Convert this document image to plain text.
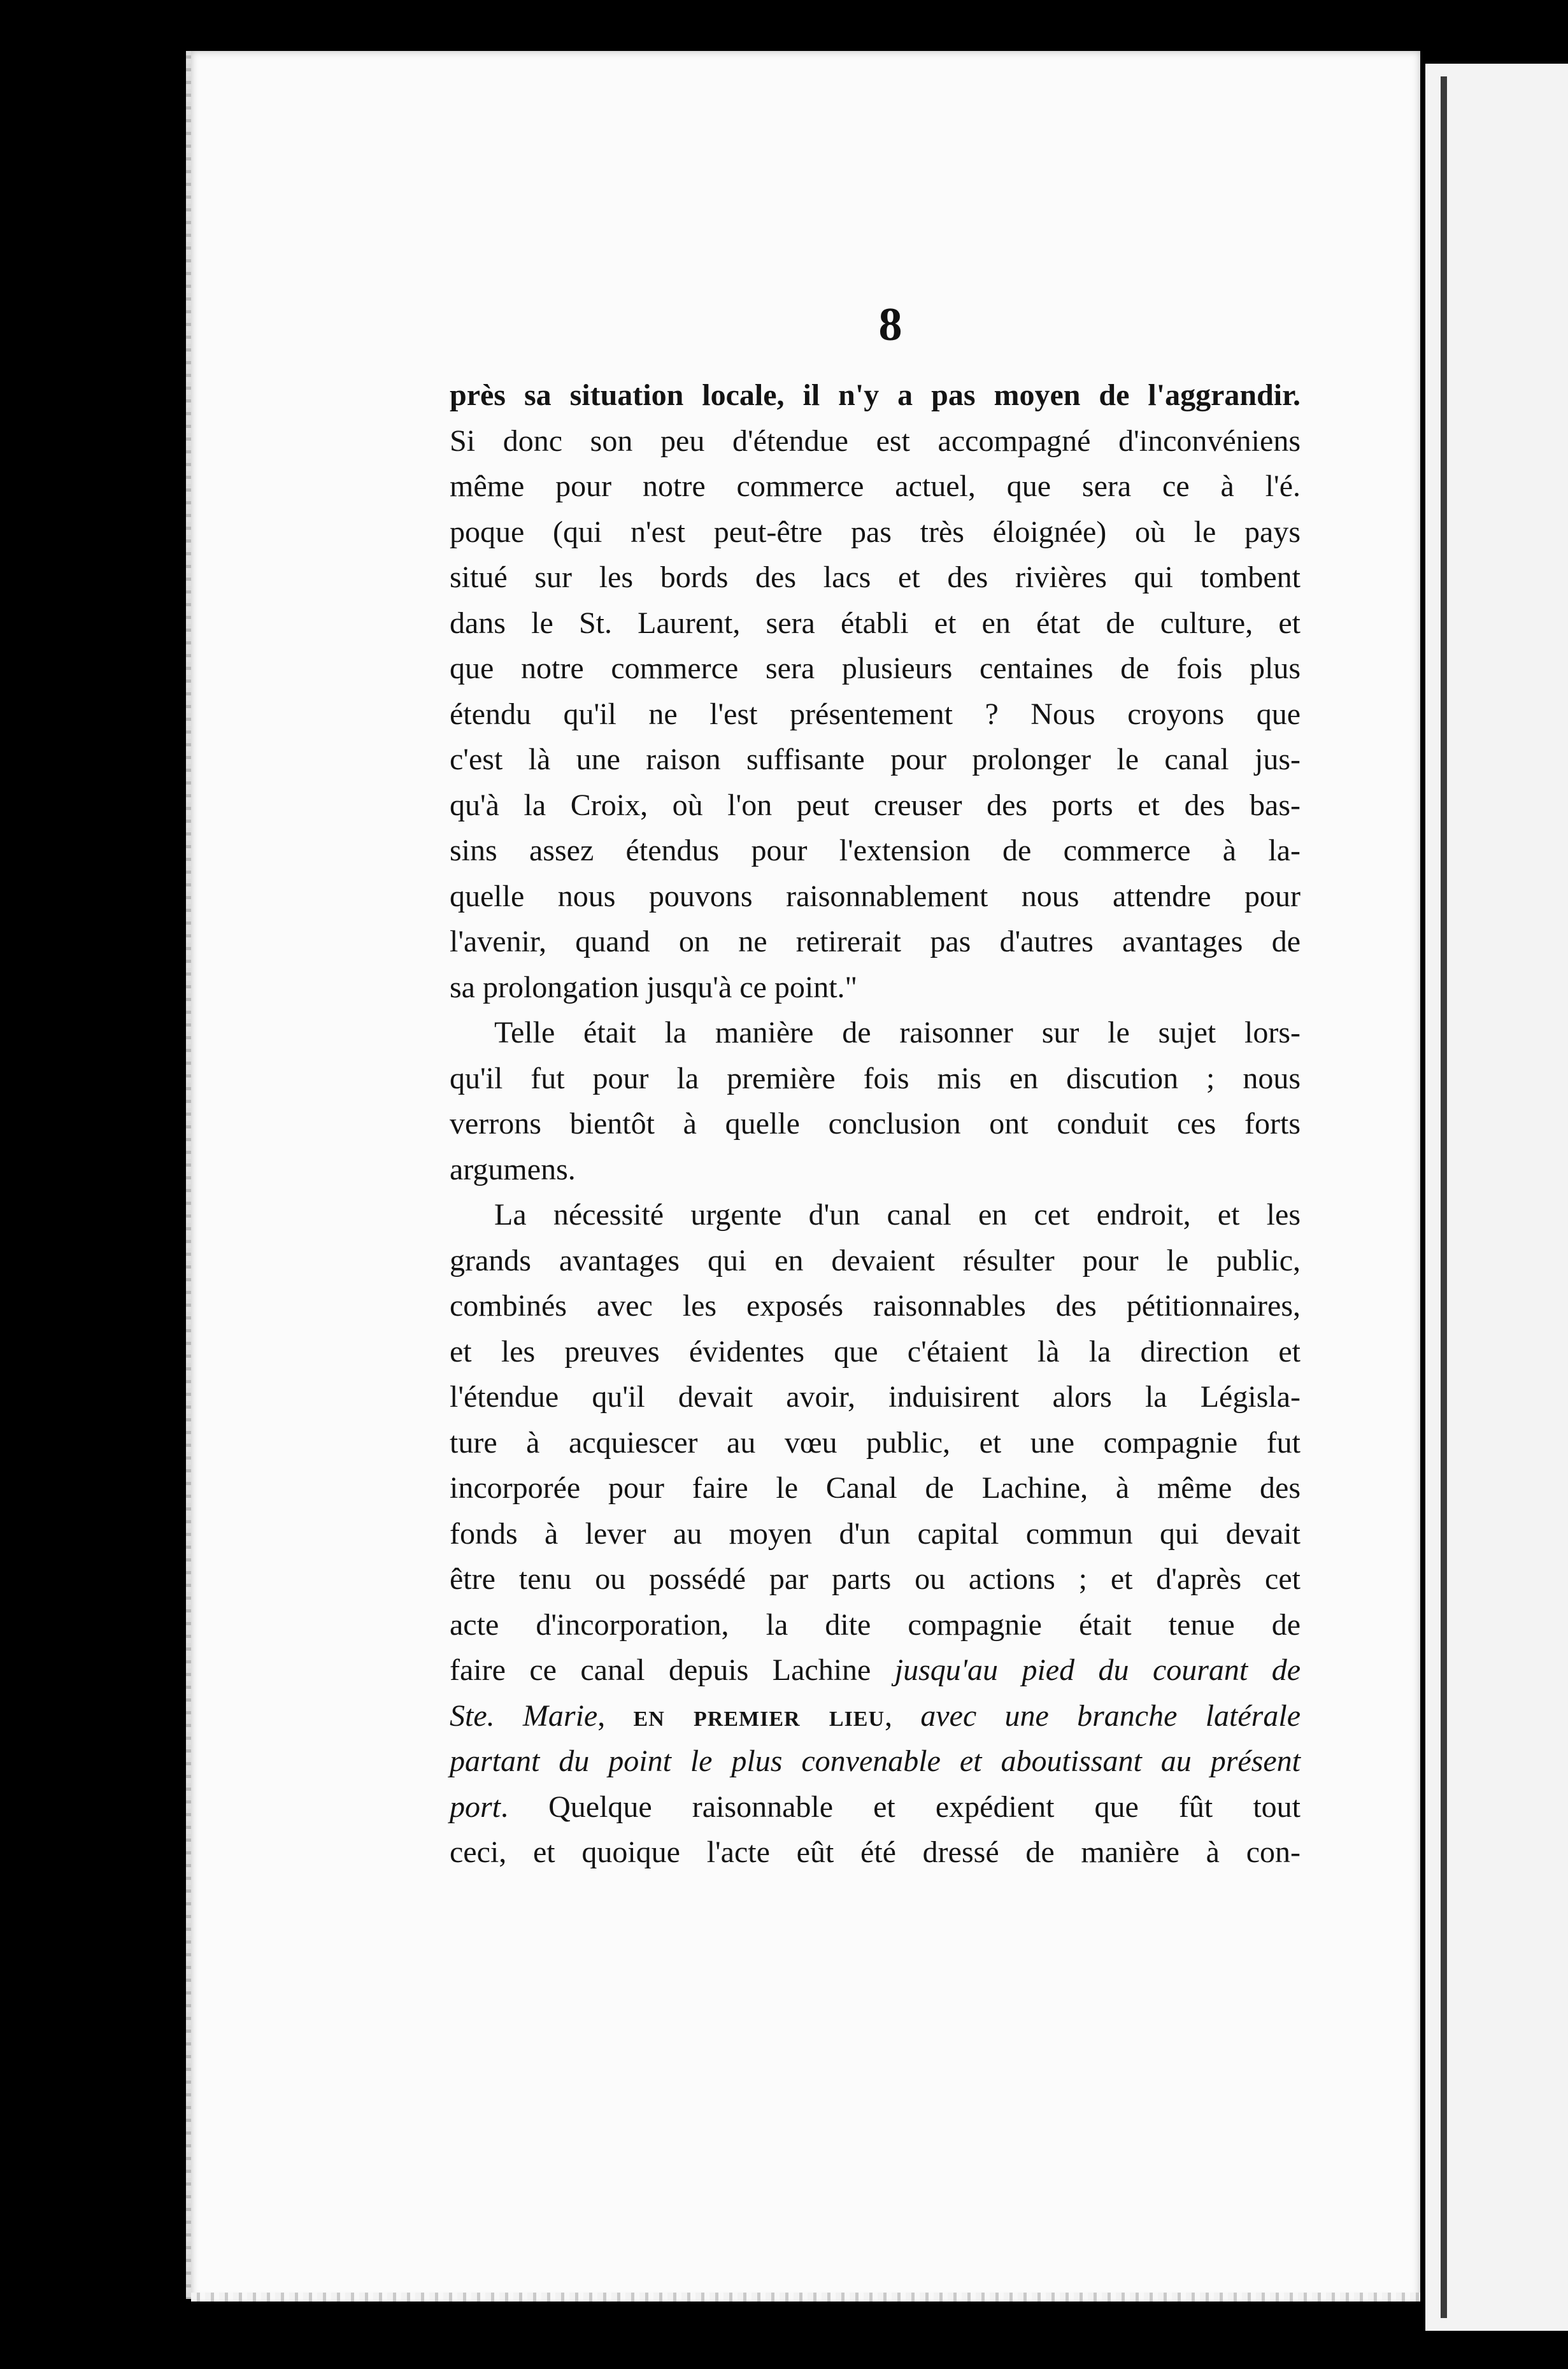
8
près sa situation locale, il n'y a pas moyen de l'aggrandir.
Si donc son peu d'étendue est accompagné d'inconvéniens
même pour notre commerce actuel, que sera ce à l'é.
poque (qui n'est peut-être pas très éloignée) où le pays
situé sur les bords des lacs et des rivières qui tombent
dans le St. Laurent, sera établi et en état de culture, et
que notre commerce sera plusieurs centaines de fois plus
étendu qu'il ne l'est présentement ? Nous croyons que
c'est là une raison suffisante pour prolonger le canal jus-
qu'à la Croix, où l'on peut creuser des ports et des bas-
sins assez étendus pour l'extension de commerce à la-
quelle nous pouvons raisonnablement nous attendre pour
l'avenir, quand on ne retirerait pas d'autres avantages de
sa prolongation jusqu'à ce point."
Telle était la manière de raisonner sur le sujet lors-
qu'il fut pour la première fois mis en discution ; nous
verrons bientôt à quelle conclusion ont conduit ces forts
argumens.
La nécessité urgente d'un canal en cet endroit, et les
grands avantages qui en devaient résulter pour le public,
combinés avec les exposés raisonnables des pétitionnaires,
et les preuves évidentes que c'étaient là la direction et
l'étendue qu'il devait avoir, induisirent alors la Législa-
ture à acquiescer au vœu public, et une compagnie fut
incorporée pour faire le Canal de Lachine, à même des
fonds à lever au moyen d'un capital commun qui devait
être tenu ou possédé par parts ou actions ; et d'après cet
acte d'incorporation, la dite compagnie était tenue de
faire ce canal depuis Lachine jusqu'au pied du courant de
Ste. Marie, en premier lieu, avec une branche latérale
partant du point le plus convenable et aboutissant au présent
port. Quelque raisonnable et expédient que fût tout
ceci, et quoique l'acte eût été dressé de manière à con-
